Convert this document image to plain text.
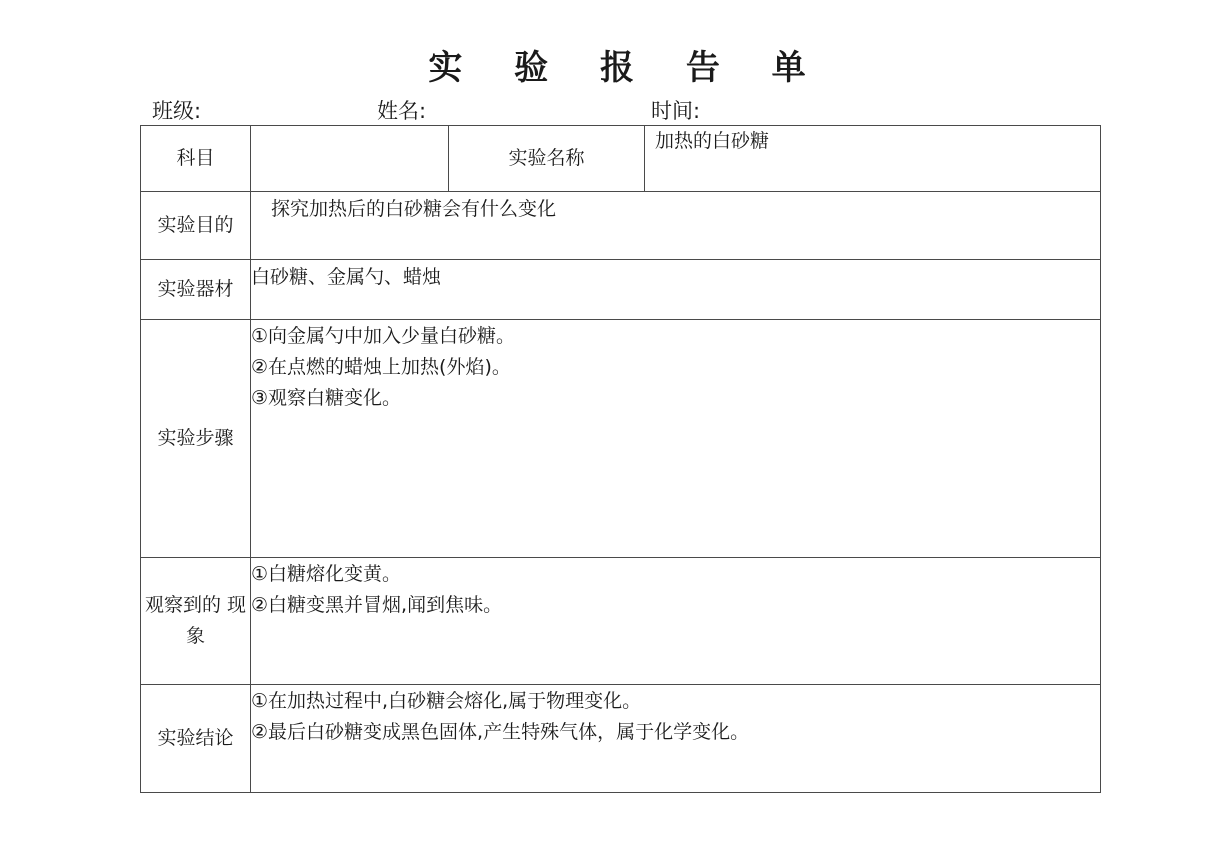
实 验 报 告 单
班级:	姓名:	时间:
科目		实验名称	加热的白砂糖
实验目的	探究加热后的白砂糖会有什么变化		
实验器材	白砂糖、金属勺、蜡烛		
实验步骤	①向金属勺中加入少量白砂糖。
②在点燃的蜡烛上加热(外焰)。
③观察白糖变化。		

观察到的 现象	①白糖熔化变黄。
②白糖变黑并冒烟,闻到焦味。		

实验结论	①在加热过程中,白砂糖会熔化,属于物理变化。
②最后白砂糖变成黑色固体,产生特殊气体，属于化学变化。		
